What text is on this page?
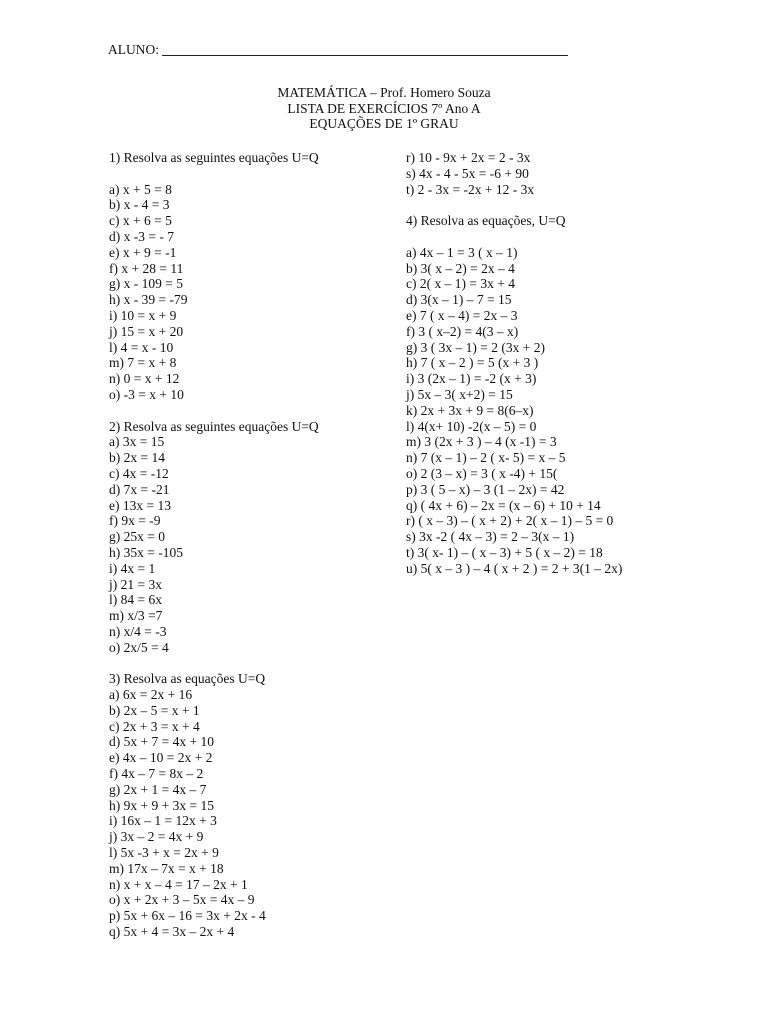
ALUNO:
MATEMÁTICA – Prof. Homero Souza
LISTA DE EXERCÍCIOS 7º Ano A
EQUAÇÕES DE 1º GRAU
1) Resolva as seguintes equações U=Q
a) x + 5 = 8
b) x - 4 = 3
c) x + 6 = 5
d) x -3 = - 7
e) x + 9 = -1
f) x + 28 = 11
g) x - 109 = 5
h) x - 39 = -79
i) 10 = x + 9
j) 15 = x + 20
l) 4 = x - 10
m) 7 = x + 8
n) 0 = x + 12
o) -3 = x + 10
2) Resolva as seguintes equações U=Q
a) 3x = 15
b) 2x = 14
c) 4x = -12
d) 7x = -21
e) 13x = 13
f) 9x = -9
g) 25x = 0
h) 35x = -105
i) 4x = 1
j) 21 = 3x
l) 84 = 6x
m) x/3 =7
n) x/4 = -3
o) 2x/5 = 4
3) Resolva as equações U=Q
a) 6x = 2x + 16
b) 2x – 5 = x + 1
c) 2x + 3 = x + 4
d) 5x + 7 = 4x + 10
e) 4x – 10 = 2x + 2
f) 4x – 7 = 8x – 2
g) 2x + 1 = 4x – 7
h) 9x + 9 + 3x = 15
i) 16x – 1 = 12x + 3
j) 3x – 2 = 4x + 9
l) 5x -3 + x = 2x + 9
m) 17x – 7x = x + 18
n) x + x – 4 = 17 – 2x + 1
o) x + 2x + 3 – 5x = 4x – 9
p) 5x + 6x – 16 = 3x + 2x - 4
q) 5x + 4 = 3x – 2x + 4
r) 10 - 9x + 2x = 2 - 3x
s) 4x - 4 - 5x = -6 + 90
t) 2 - 3x = -2x + 12 - 3x
4) Resolva as equações, U=Q
a) 4x – 1 = 3 ( x – 1)
b) 3( x – 2) = 2x – 4
c) 2( x – 1) = 3x + 4
d) 3(x – 1) – 7 = 15
e) 7 ( x – 4) = 2x – 3
f) 3 ( x–2) = 4(3 – x)
g) 3 ( 3x – 1) = 2 (3x + 2)
h) 7 ( x – 2 ) = 5 (x + 3 )
i) 3 (2x – 1) = -2 (x + 3)
j) 5x – 3( x+2) = 15
k) 2x + 3x + 9 = 8(6–x)
l) 4(x+ 10) -2(x – 5) = 0
m) 3 (2x + 3 ) – 4 (x -1) = 3
n) 7 (x – 1) – 2 ( x- 5) = x – 5
o) 2 (3 – x) = 3 ( x -4) + 15(
p) 3 ( 5 – x) – 3 (1 – 2x) = 42
q) ( 4x + 6) – 2x = (x – 6) + 10 + 14
r) ( x – 3) – ( x + 2) + 2( x – 1) – 5 = 0
s) 3x -2 ( 4x – 3) = 2 – 3(x – 1)
t) 3( x- 1) – ( x – 3) + 5 ( x – 2) = 18
u) 5( x – 3 ) – 4 ( x + 2 ) = 2 + 3(1 – 2x)
